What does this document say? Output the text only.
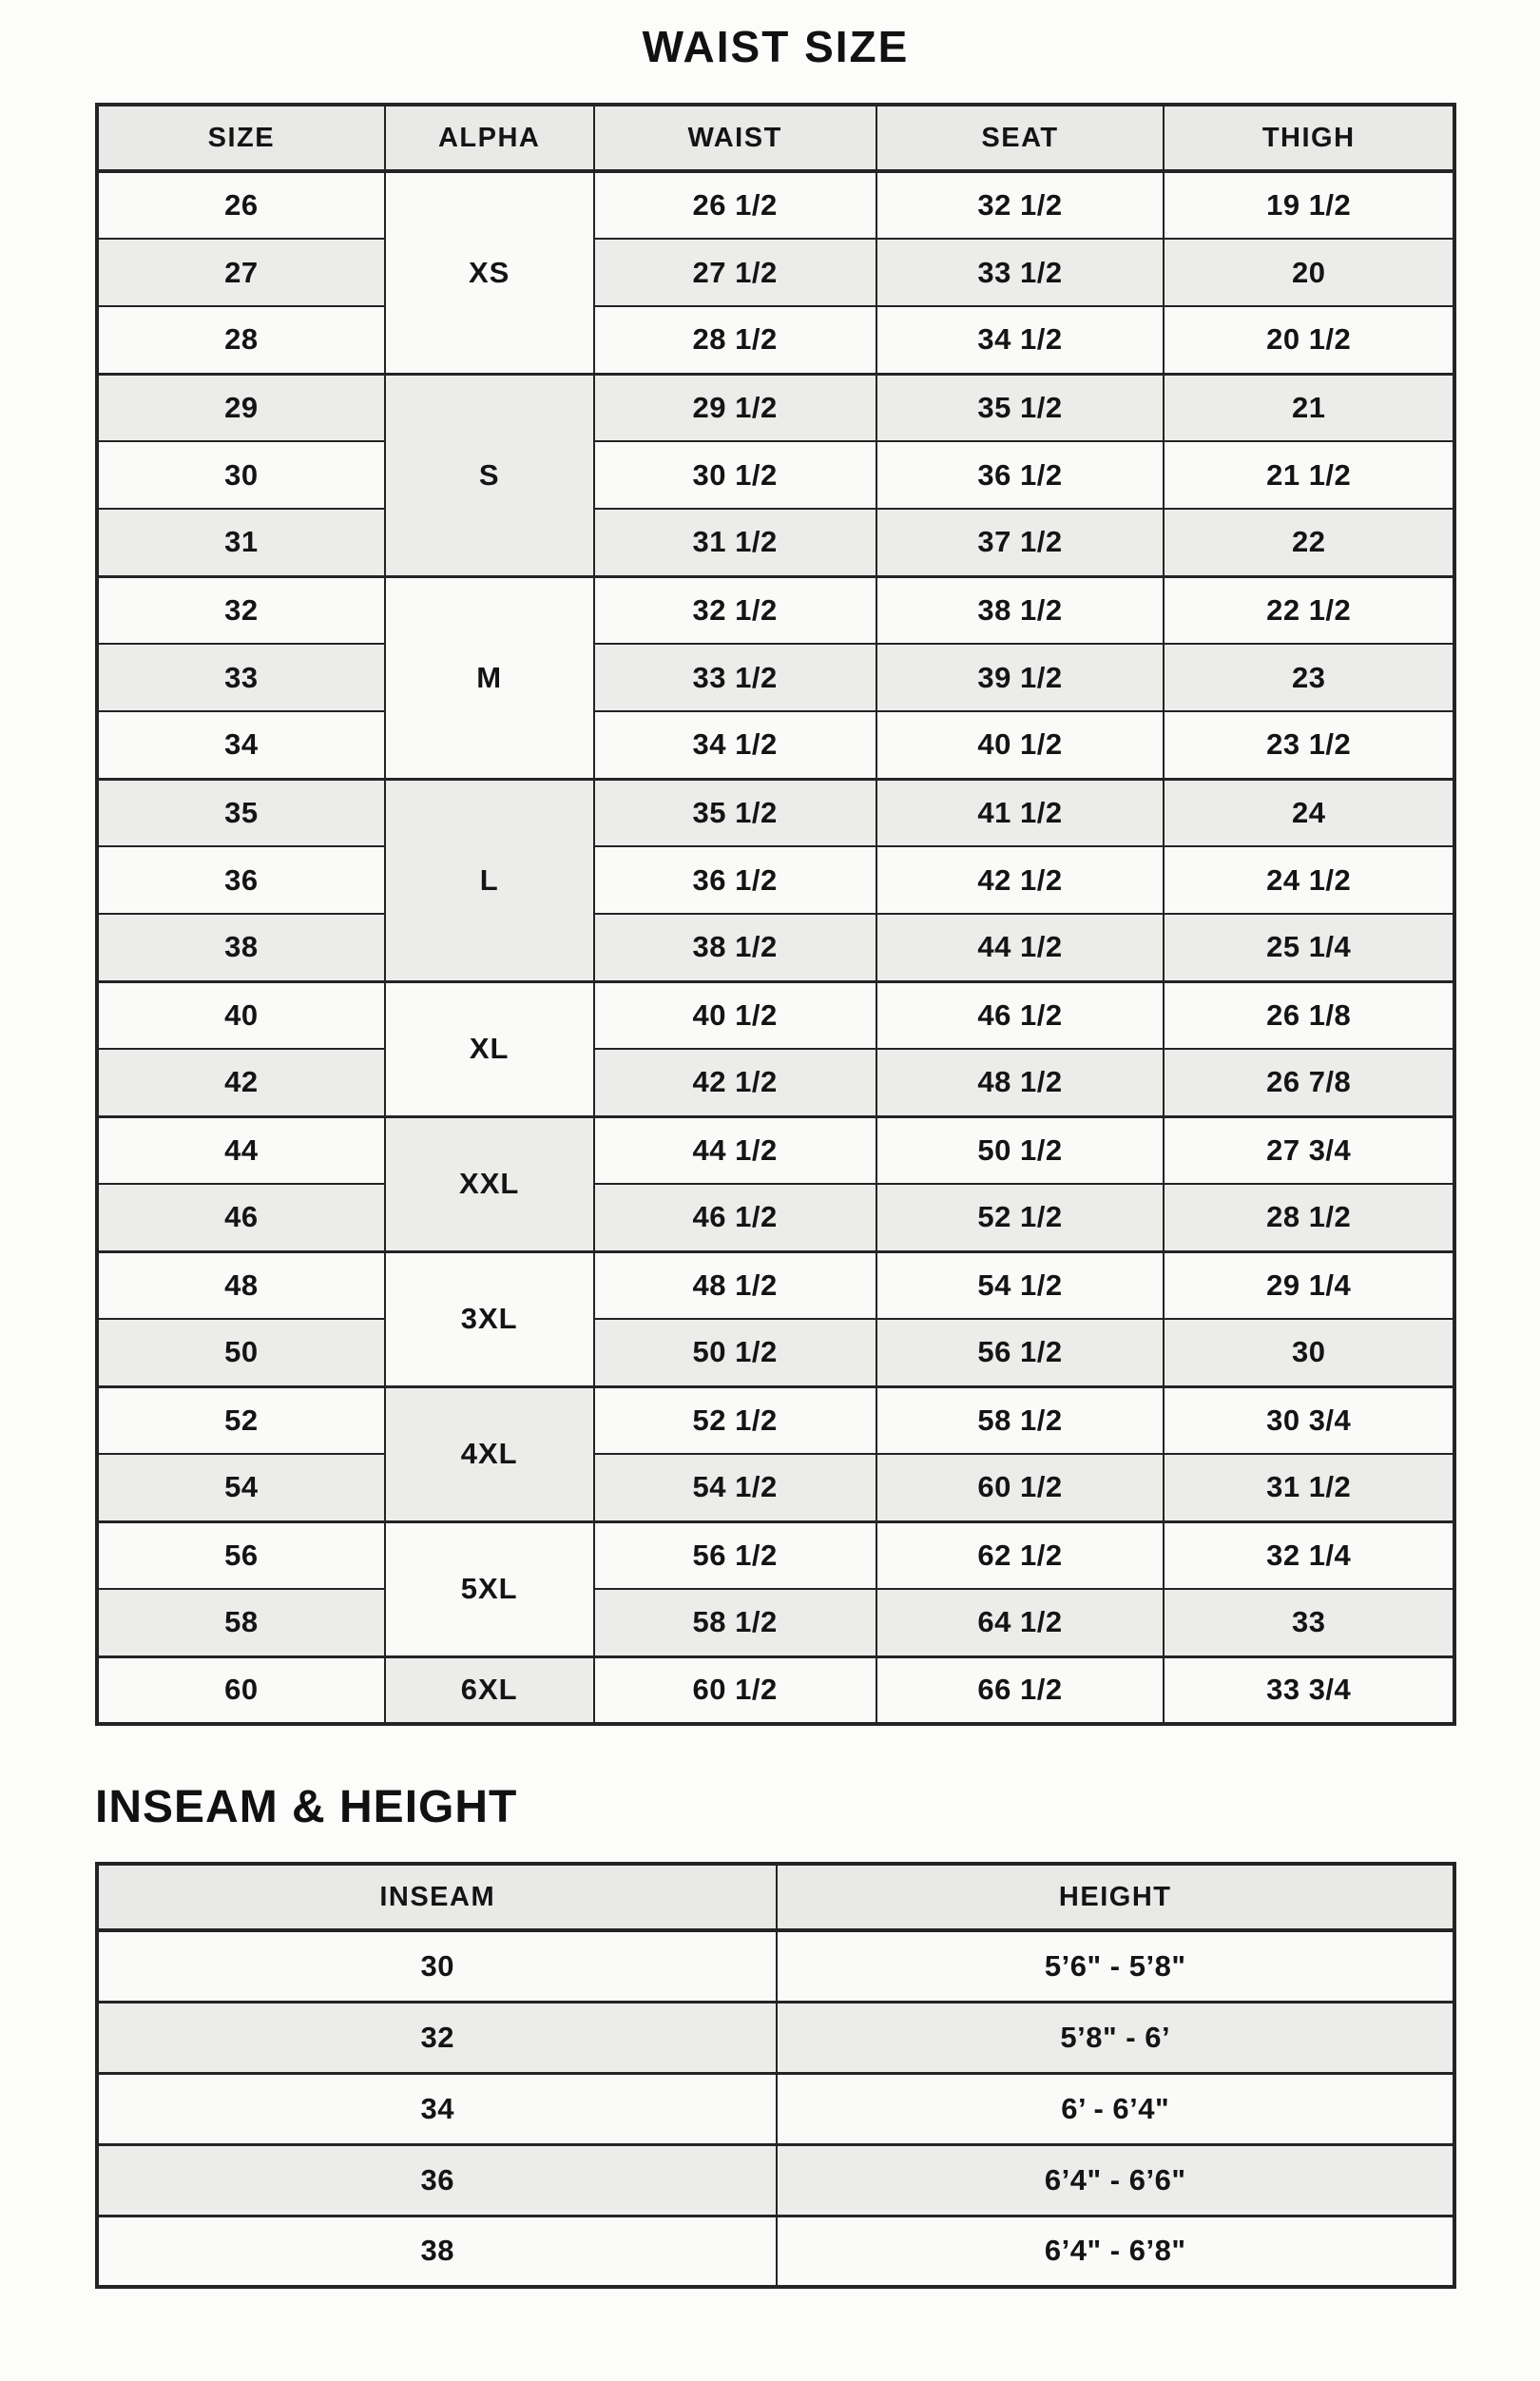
WAIST SIZE
SIZE	ALPHA	WAIST	SEAT	THIGH
26	XS	26 1/2	32 1/2	19 1/2
27		27 1/2	33 1/2	20
28		28 1/2	34 1/2	20 1/2
29	S	29 1/2	35 1/2	21
30		30 1/2	36 1/2	21 1/2
31		31 1/2	37 1/2	22
32	M	32 1/2	38 1/2	22 1/2
33		33 1/2	39 1/2	23
34		34 1/2	40 1/2	23 1/2
35	L	35 1/2	41 1/2	24
36		36 1/2	42 1/2	24 1/2
38		38 1/2	44 1/2	25 1/4
40	XL	40 1/2	46 1/2	26 1/8
42		42 1/2	48 1/2	26 7/8
44	XXL	44 1/2	50 1/2	27 3/4
46		46 1/2	52 1/2	28 1/2
48	3XL	48 1/2	54 1/2	29 1/4
50		50 1/2	56 1/2	30
52	4XL	52 1/2	58 1/2	30 3/4
54		54 1/2	60 1/2	31 1/2
56	5XL	56 1/2	62 1/2	32 1/4
58		58 1/2	64 1/2	33
60	6XL	60 1/2	66 1/2	33 3/4
INSEAM & HEIGHT
INSEAM	HEIGHT
30	5’6" - 5’8"
32	5’8" - 6’
34	6’ - 6’4"
36	6’4" - 6’6"
38	6’4" - 6’8"
